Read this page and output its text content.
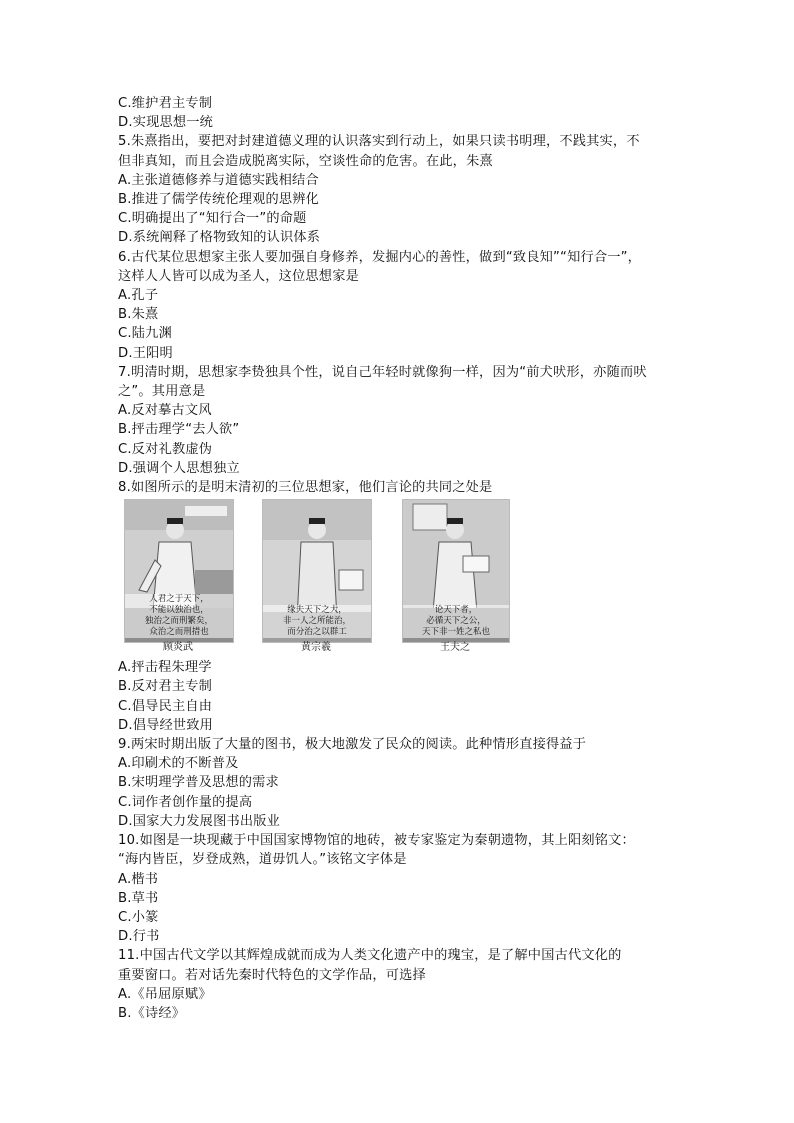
C.维护君主专制
D.实现思想一统
5.朱熹指出，要把对封建道德义理的认识落实到行动上，如果只读书明理，不践其实，不
但非真知，而且会造成脱离实际，空谈性命的危害。在此，朱熹
A.主张道德修养与道德实践相结合
B.推进了儒学传统伦理观的思辨化
C.明确提出了“知行合一”的命题
D.系统阐释了格物致知的认识体系
6.古代某位思想家主张人要加强自身修养，发掘内心的善性，做到“致良知”“知行合一”，
这样人人皆可以成为圣人，这位思想家是
A.孔子
B.朱熹
C.陆九渊
D.王阳明
7.明清时期，思想家李贽独具个性，说自己年轻时就像狗一样，因为“前犬吠形，亦随而吠
之”。其用意是
A.反对摹古文风
B.抨击理学“去人欲”
C.反对礼教虚伪
D.强调个人思想独立
8.如图所示的是明末清初的三位思想家，他们言论的共同之处是
人君之于天下，
不能以独治也，
独治之而刑繁矣，
众治之而刑措也
顾炎武
缘夫天下之大，
非一人之所能治，
而分治之以群工
黄宗羲
论天下者，
必循天下之公，
天下非一姓之私也
王夫之
A.抨击程朱理学
B.反对君主专制
C.倡导民主自由
D.倡导经世致用
9.两宋时期出版了大量的图书，极大地激发了民众的阅读。此种情形直接得益于
A.印刷术的不断普及
B.宋明理学普及思想的需求
C.词作者创作量的提高
D.国家大力发展图书出版业
10.如图是一块现藏于中国国家博物馆的地砖，被专家鉴定为秦朝遗物，其上阳刻铭文：
“海内皆臣，岁登成熟，道毋饥人。”该铭文字体是
A.楷书
B.草书
C.小篆
D.行书
11.中国古代文学以其辉煌成就而成为人类文化遗产中的瑰宝，是了解中国古代文化的
重要窗口。若对话先秦时代特色的文学作品，可选择
A.《吊屈原赋》
B.《诗经》
